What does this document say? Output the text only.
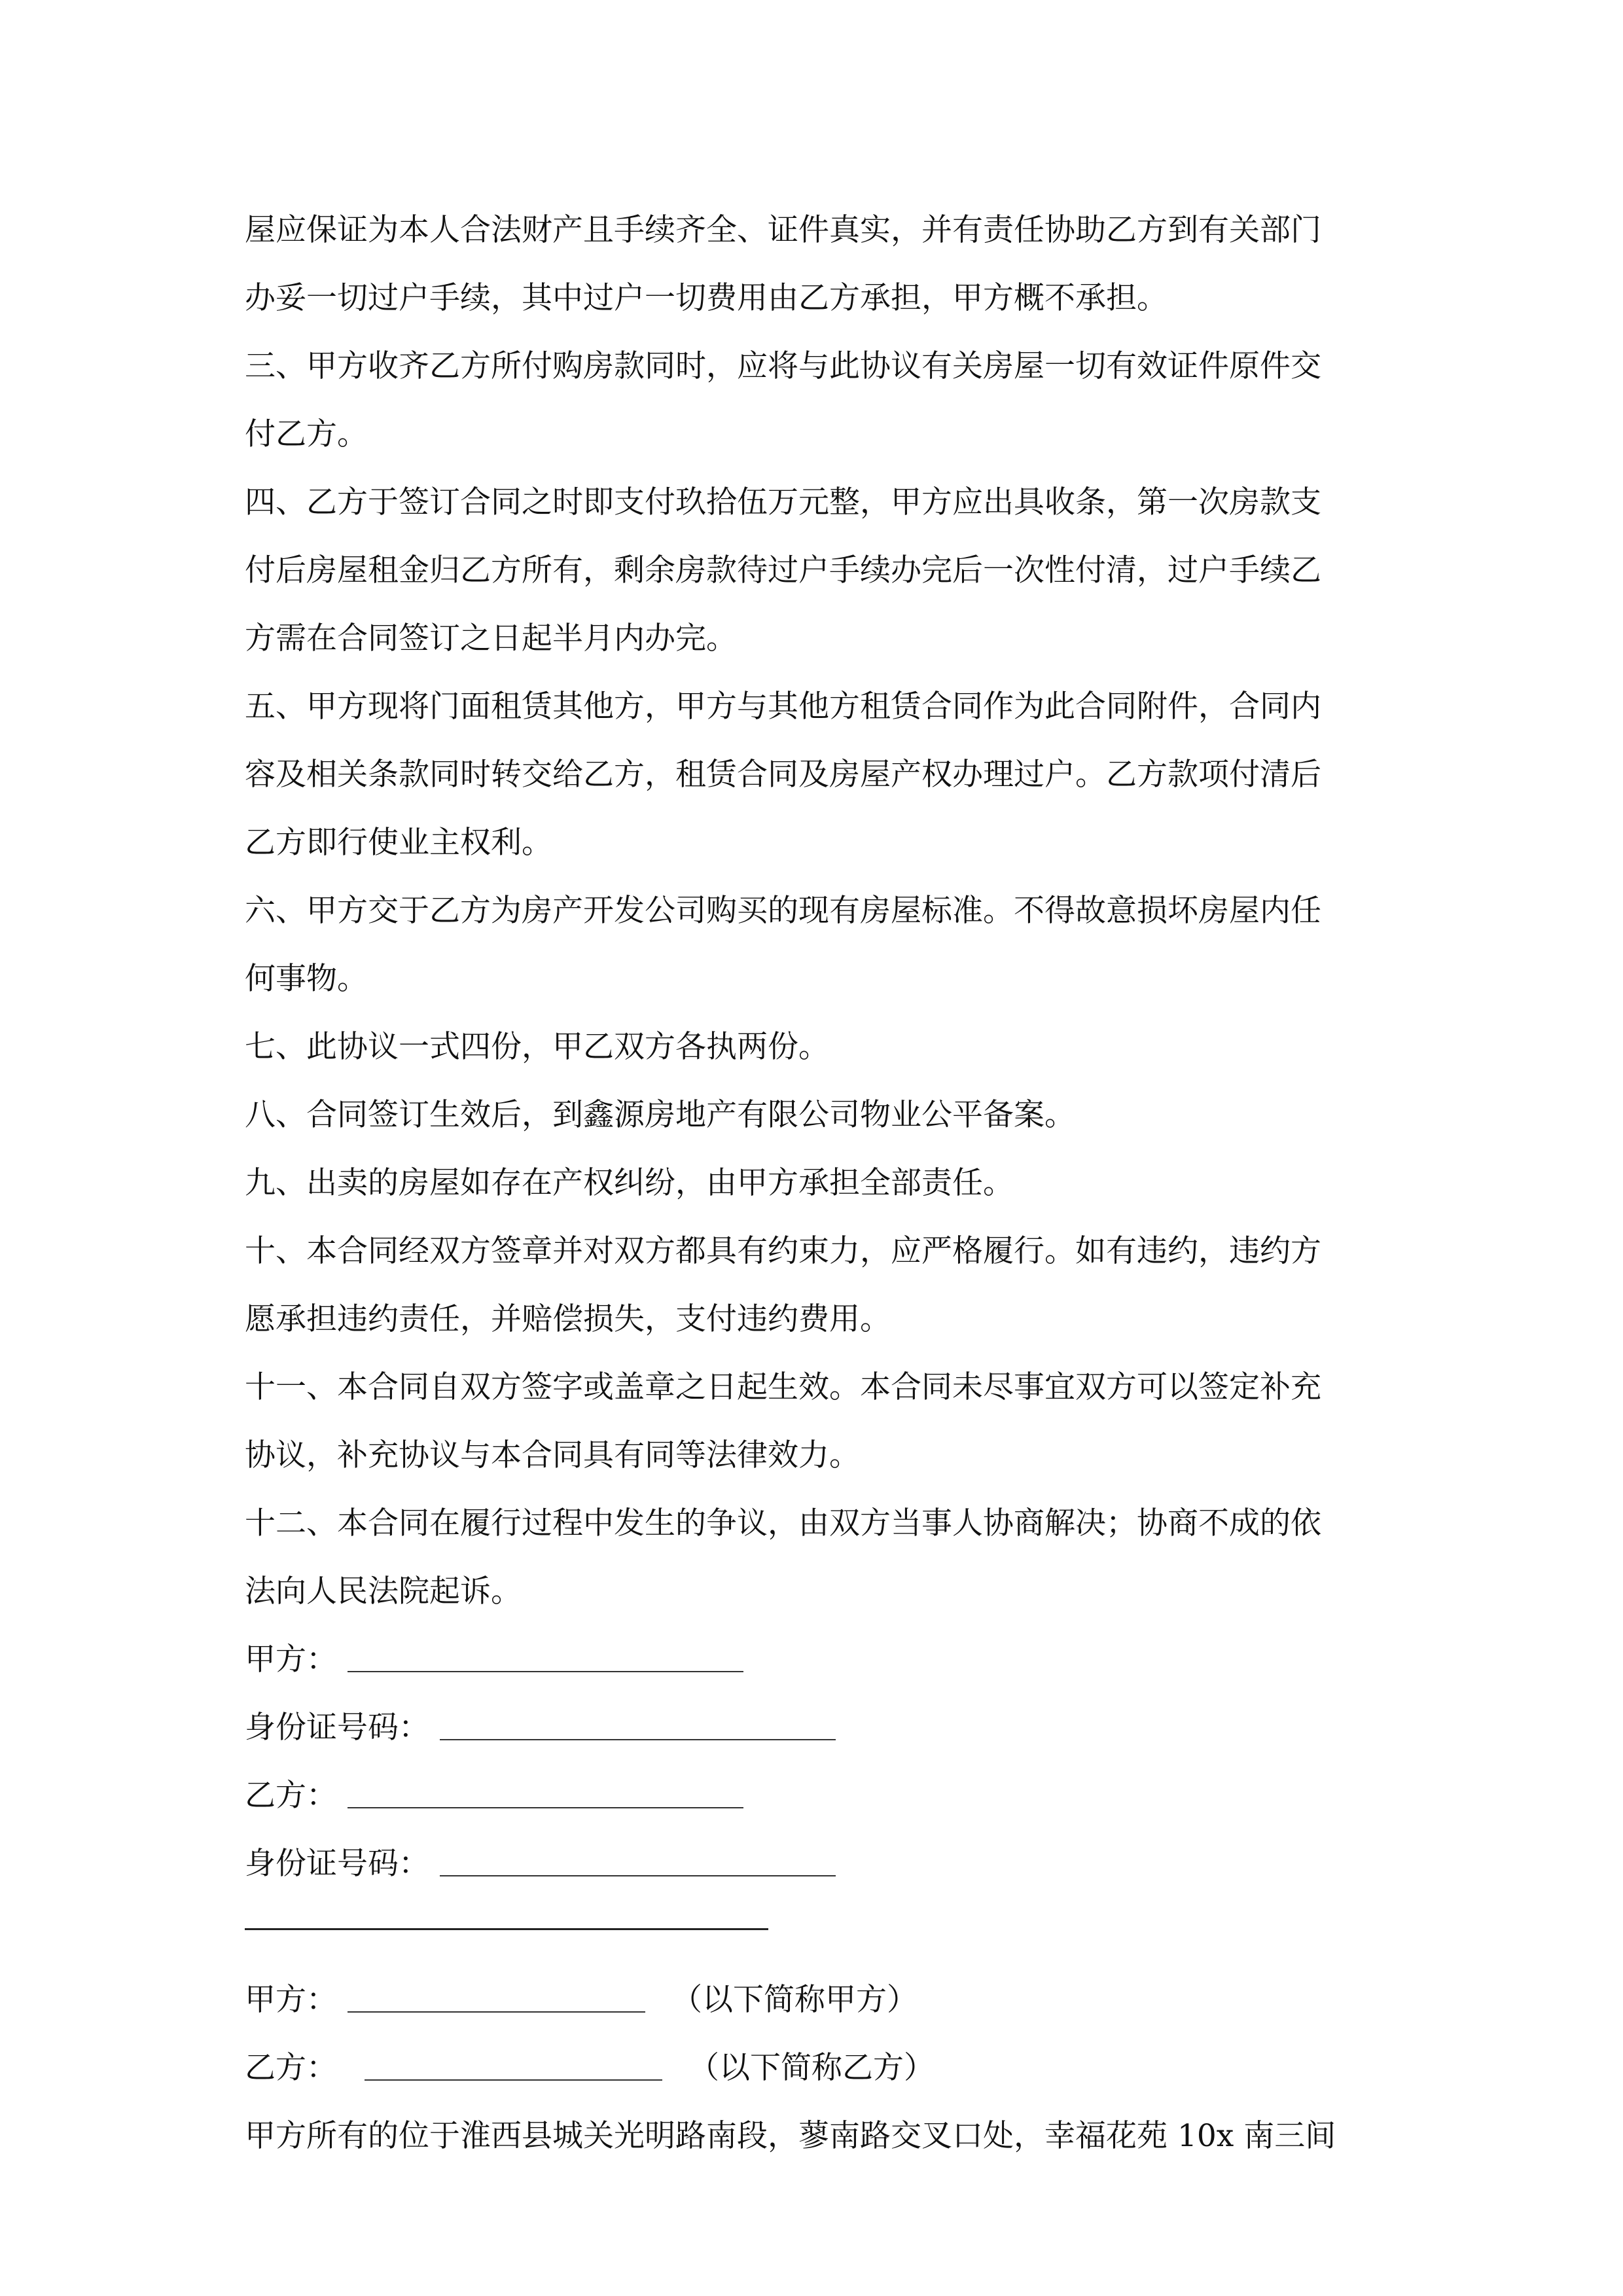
屋应保证为本人合法财产且手续齐全、证件真实，并有责任协助乙方到有关部门

办妥一切过户手续，其中过户一切费用由乙方承担，甲方概不承担。

三、甲方收齐乙方所付购房款同时，应将与此协议有关房屋一切有效证件原件交

付乙方。

四、乙方于签订合同之时即支付玖拾伍万元整，甲方应出具收条，第一次房款支

付后房屋租金归乙方所有，剩余房款待过户手续办完后一次性付清，过户手续乙

方需在合同签订之日起半月内办完。

五、甲方现将门面租赁其他方，甲方与其他方租赁合同作为此合同附件，合同内

容及相关条款同时转交给乙方，租赁合同及房屋产权办理过户。乙方款项付清后

乙方即行使业主权利。

六、甲方交于乙方为房产开发公司购买的现有房屋标准。不得故意损坏房屋内任

何事物。

七、此协议一式四份，甲乙双方各执两份。

八、合同签订生效后，到鑫源房地产有限公司物业公平备案。

九、出卖的房屋如存在产权纠纷，由甲方承担全部责任。

十、本合同经双方签章并对双方都具有约束力，应严格履行。如有违约，违约方

愿承担违约责任，并赔偿损失，支付违约费用。

十一、本合同自双方签字或盖章之日起生效。本合同未尽事宜双方可以签定补充

协议，补充协议与本合同具有同等法律效力。

十二、本合同在履行过程中发生的争议，由双方当事人协商解决；协商不成的依

法向人民法院起诉。

甲方：
身份证号码：
乙方：
身份证号码：
甲方：	（以下简称甲方）
乙方：	（以下简称乙方）

甲方所有的位于淮西县城关光明路南段，蓼南路交叉口处，幸福花苑 10x 南三间
